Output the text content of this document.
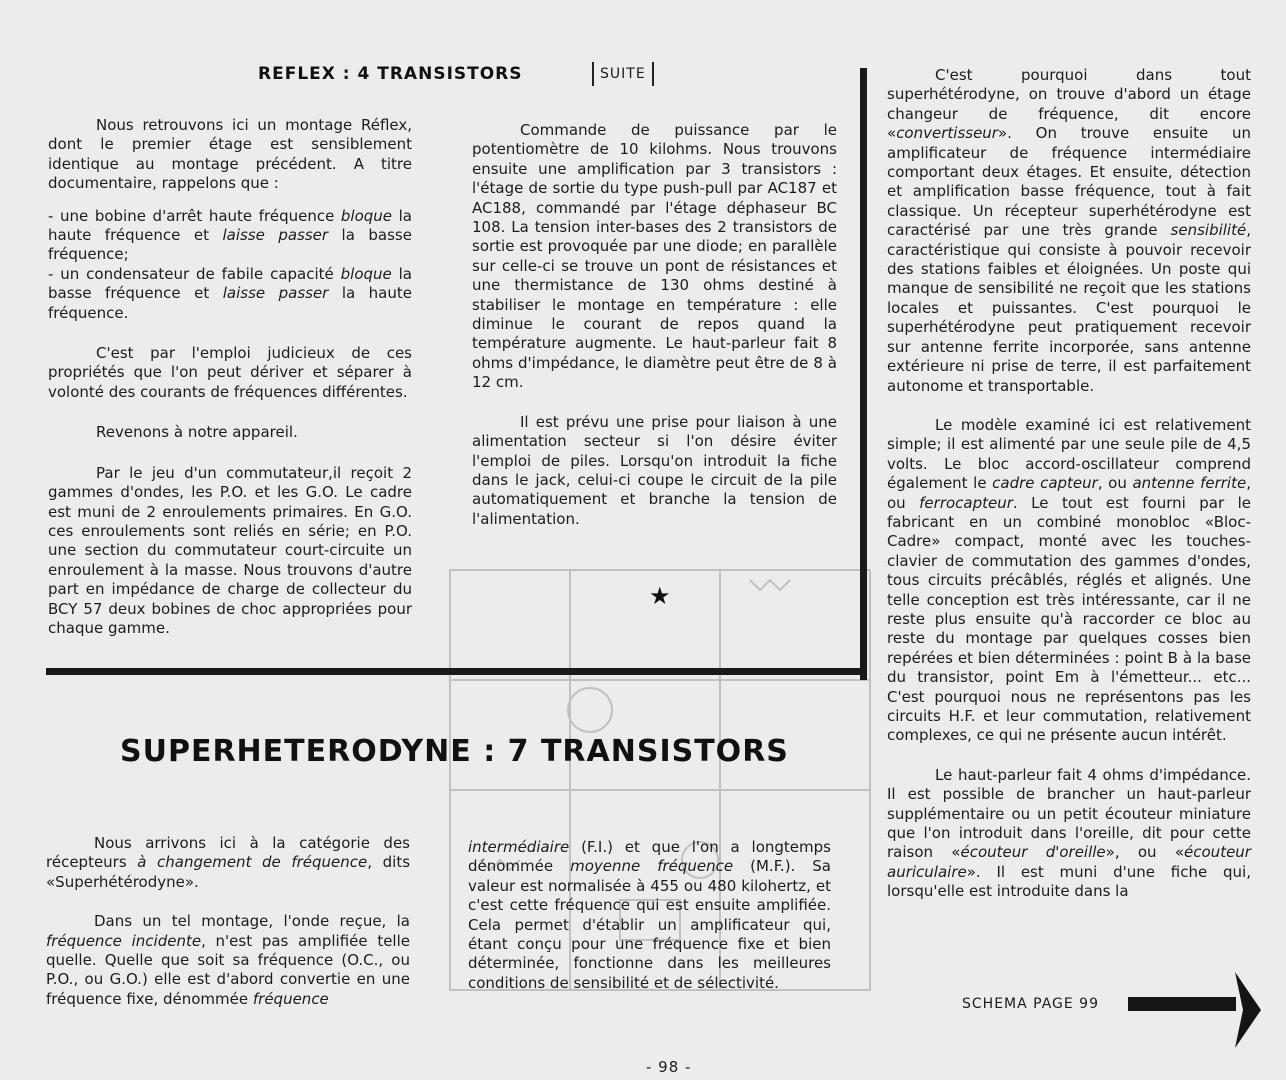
REFLEX : 4 TRANSISTORS	SUITE

Nous retrouvons ici un montage Réflex, dont le premier étage est sensiblement identique au montage précédent. A titre documentaire, rappelons que :

- une bobine d'arrêt haute fréquence bloque la haute fréquence et laisse passer la basse fréquence;

- un condensateur de fabile capacité bloque la basse fréquence et laisse passer la haute fréquence.

C'est par l'emploi judicieux de ces propriétés que l'on peut dériver et séparer à volonté des courants de fréquences différentes.

Revenons à notre appareil.

Par le jeu d'un commutateur,il reçoit 2 gammes d'ondes, les P.O. et les G.O. Le cadre est muni de 2 enroulements primaires. En G.O. ces enroulements sont reliés en série; en P.O. une section du commutateur court-circuite un enroulement à la masse. Nous trouvons d'autre part en impédance de charge de collecteur du BCY 57 deux bobines de choc appropriées pour chaque gamme.

Commande de puissance par le potentiomètre de 10 kilohms. Nous trouvons ensuite une amplification par 3 transistors : l'étage de sortie du type push-pull par AC187 et AC188, commandé par l'étage déphaseur BC 108. La tension inter-bases des 2 transistors de sortie est provoquée par une diode; en parallèle sur celle-ci se trouve un pont de résistances et une thermistance de 130 ohms destiné à stabiliser le montage en température : elle diminue le courant de repos quand la température augmente. Le haut-parleur fait 8 ohms d'impédance, le diamètre peut être de 8 à 12 cm.

Il est prévu une prise pour liaison à une alimentation secteur si l'on désire éviter l'emploi de piles. Lorsqu'on introduit la fiche dans le jack, celui-ci coupe le circuit de la pile automatiquement et branche la tension de l'alimentation.

★

C'est pourquoi dans tout superhétérodyne, on trouve d'abord un étage changeur de fréquence, dit encore «convertisseur». On trouve ensuite un amplificateur de fréquence intermédiaire comportant deux étages. Et ensuite, détection et amplification basse fréquence, tout à fait classique. Un récepteur superhétérodyne est caractérisé par une très grande sensibilité, caractéristique qui consiste à pouvoir recevoir des stations faibles et éloignées. Un poste qui manque de sensibilité ne reçoit que les stations locales et puissantes. C'est pourquoi le superhétérodyne peut pratiquement recevoir sur antenne ferrite incorporée, sans antenne extérieure ni prise de terre, il est parfaitement autonome et transportable.

Le modèle examiné ici est relativement simple; il est alimenté par une seule pile de 4,5 volts. Le bloc accord-oscillateur comprend également le cadre capteur, ou antenne ferrite, ou ferrocapteur. Le tout est fourni par le fabricant en un combiné monobloc «Bloc-Cadre» compact, monté avec les touches-clavier de commutation des gammes d'ondes, tous circuits précâblés, réglés et alignés. Une telle conception est très intéressante, car il ne reste plus ensuite qu'à raccorder ce bloc au reste du montage par quelques cosses bien repérées et bien déterminées : point B à la base du transistor, point Em à l'émetteur... etc... C'est pourquoi nous ne représentons pas les circuits H.F. et leur commutation, relativement complexes, ce qui ne présente aucun intérêt.

Le haut-parleur fait 4 ohms d'impédance. Il est possible de brancher un haut-parleur supplémentaire ou un petit écouteur miniature que l'on introduit dans l'oreille, dit pour cette raison «écouteur d'oreille», ou «écouteur auriculaire». Il est muni d'une fiche qui, lorsqu'elle est introduite dans la

SUPERHETERODYNE : 7 TRANSISTORS

Nous arrivons ici à la catégorie des récepteurs à changement de fréquence, dits «Superhétérodyne».

Dans un tel montage, l'onde reçue, la fréquence incidente, n'est pas amplifiée telle quelle. Quelle que soit sa fréquence (O.C., ou P.O., ou G.O.) elle est d'abord convertie en une fréquence fixe, dénommée fréquence

intermédiaire (F.I.) et que l'on a longtemps dénommée moyenne fréquence (M.F.). Sa valeur est normalisée à 455 ou 480 kilohertz, et c'est cette fréquence qui est ensuite amplifiée. Cela permet d'établir un amplificateur qui, étant conçu pour une fréquence fixe et bien déterminée, fonctionne dans les meilleures conditions de sensibilité et de sélectivité.

SCHEMA PAGE 99
- 98 -
